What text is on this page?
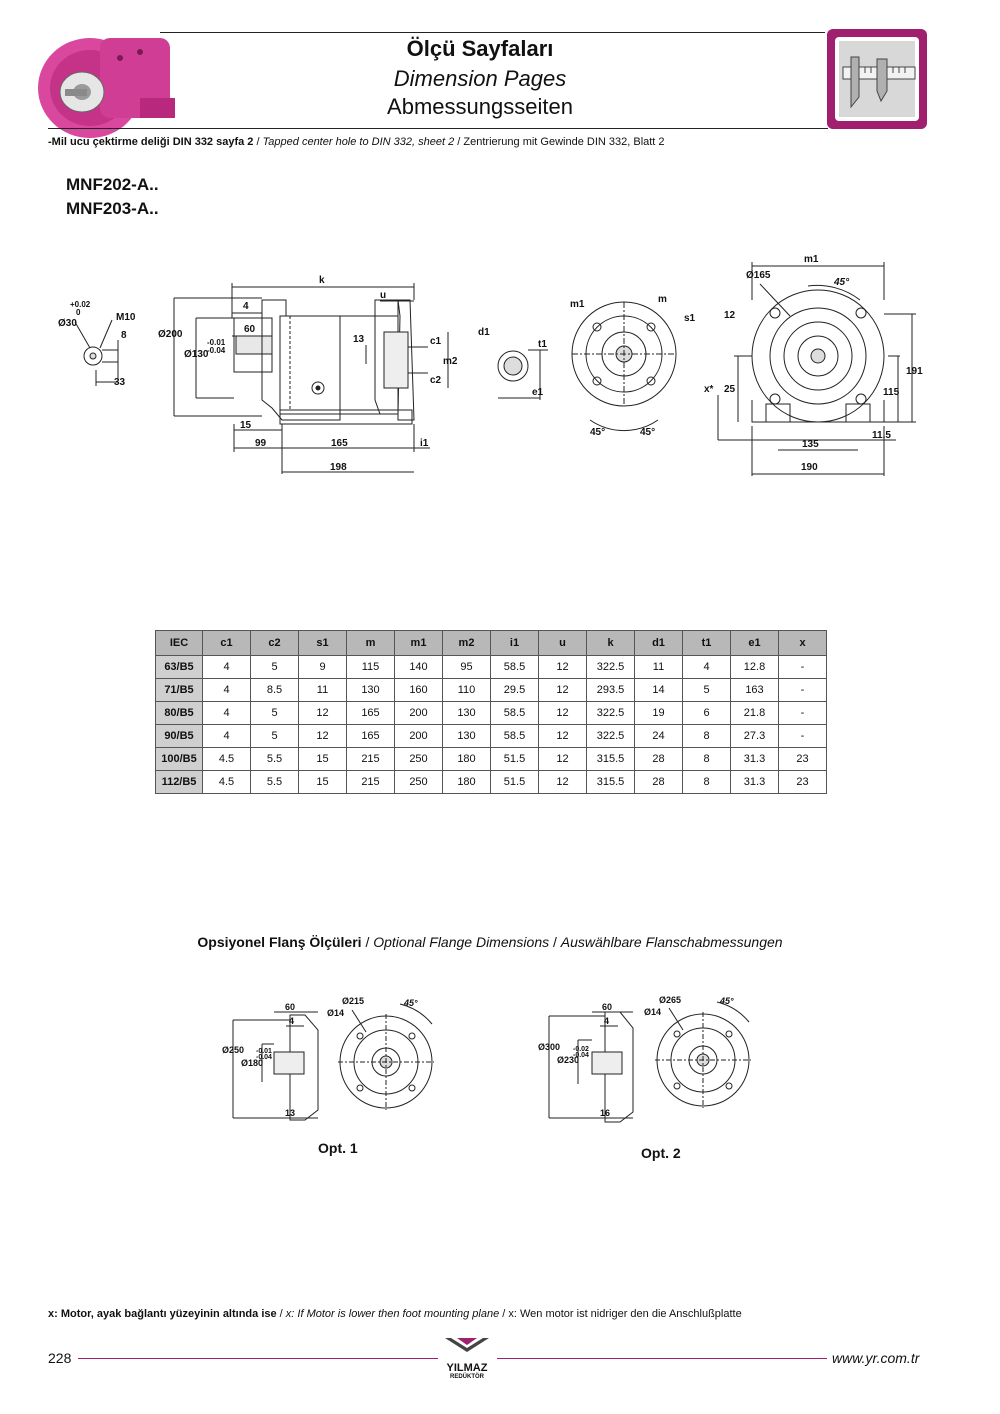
Ölçü Sayfaları
Dimension Pages
Abmessungsseiten
-Mil ucu çektirme deliği DIN 332 sayfa 2 / Tapped center hole to DIN 332, sheet 2 / Zentrierung mit Gewinde DIN 332, Blatt 2
MNF202-A..
MNF203-A..
+0.02
0
Ø30
M10
8
33
k
u
4
60
Ø200
-0.01
-0.04
Ø130
13	c1
c2
m2
15
99	165	i1
198
d1
t1
e1
m1	m
s1
45°	45°
m1
Ø165
45°
12
191
115
x* 25
135
11.5
190
IEC	c1	c2	s1	m	m1	m2	i1	u	k	d1	t1	e1	x
63/B5	4	5	9	115	140	95	58.5	12	322.5	11	4	12.8	-
71/B5	4	8.5	11	130	160	110	29.5	12	293.5	14	5	163	-
80/B5	4	5	12	165	200	130	58.5	12	322.5	19	6	21.8	-
90/B5	4	5	12	165	200	130	58.5	12	322.5	24	8	27.3	-
100/B5	4.5	5.5	15	215	250	180	51.5	12	315.5	28	8	31.3	23
112/B5	4.5	5.5	15	215	250	180	51.5	12	315.5	28	8	31.3	23
Opsiyonel Flanş Ölçüleri / Optional Flange Dimensions / Auswählbare Flanschabmessungen
60
4
Ø250 -0.01
-0.04
Ø180
13
Ø215
Ø14
45°	60
4
Ø300 -0.02
-0.04
Ø230
16
Ø265
Ø14
45°
Opt. 1	Opt. 2
x: Motor, ayak bağlantı yüzeyinin altında ise / x: If Motor is lower then foot mounting plane / x: Wen motor ist nidriger den die Anschlußplatte
228
YILMAZ
REDÜKTÖR
www.yr.com.tr
